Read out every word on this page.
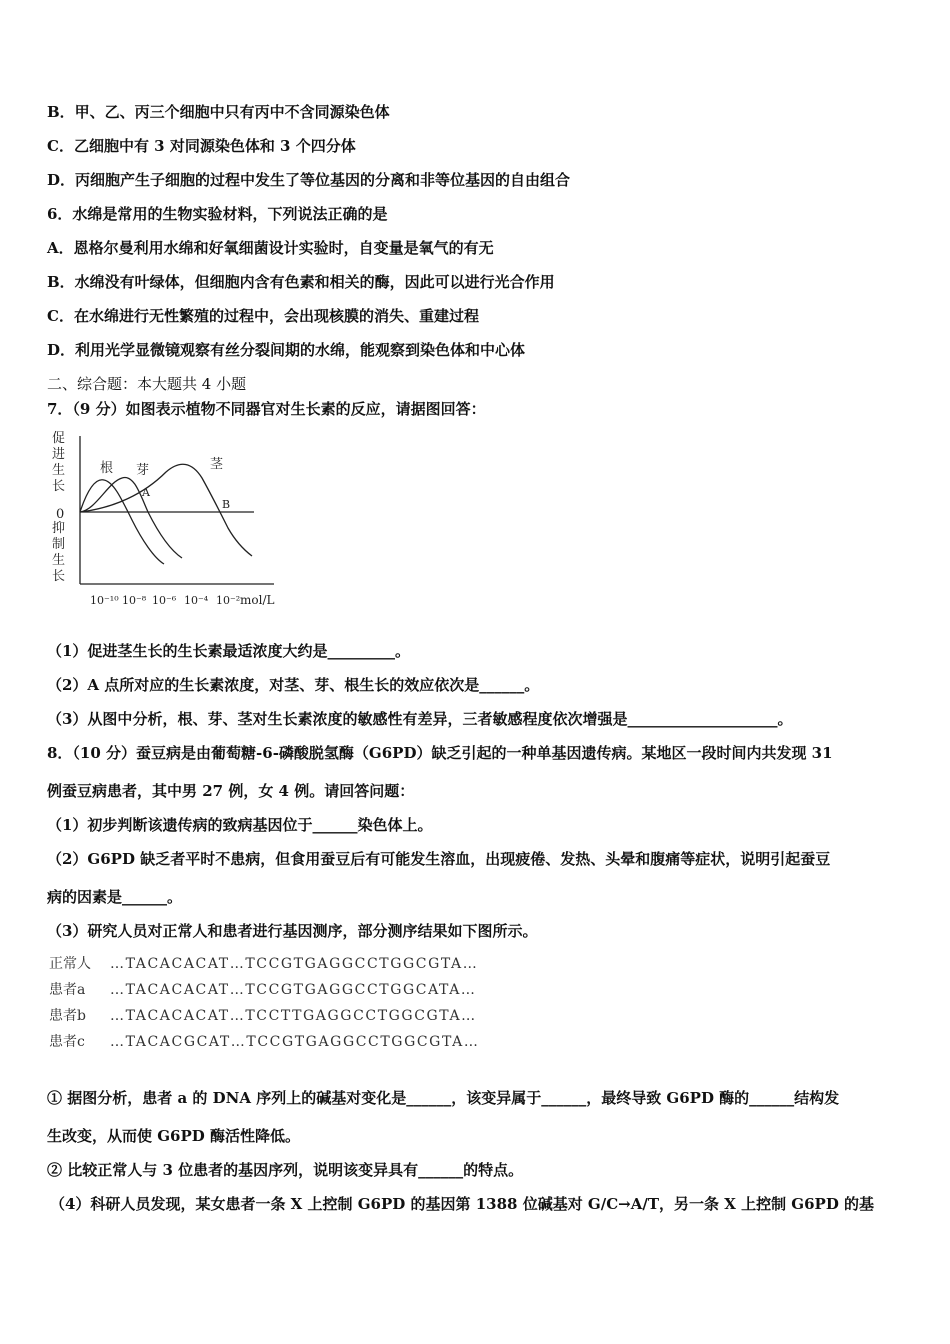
B．甲、乙、丙三个细胞中只有丙中不含同源染色体
C．乙细胞中有 3 对同源染色体和 3 个四分体
D．丙细胞产生子细胞的过程中发生了等位基因的分离和非等位基因的自由组合
6．水绵是常用的生物实验材料，下列说法正确的是
A．恩格尔曼利用水绵和好氧细菌设计实验时，自变量是氧气的有无
B．水绵没有叶绿体，但细胞内含有色素和相关的酶，因此可以进行光合作用
C．在水绵进行无性繁殖的过程中，会出现核膜的消失、重建过程
D．利用光学显微镜观察有丝分裂间期的水绵，能观察到染色体和中心体
二、综合题：本大题共 4 小题
7．（9 分）如图表示植物不同器官对生长素的反应，请据图回答：
促进生长
0
抑制生长
根 芽	茎
A
B
10⁻¹⁰ 10⁻⁸ 10⁻⁶ 10⁻⁴ 10⁻² mol/L
（1）促进茎生长的生长素最适浓度大约是_________。
（2）A 点所对应的生长素浓度，对茎、芽、根生长的效应依次是______。
（3）从图中分析，根、芽、茎对生长素浓度的敏感性有差异，三者敏感程度依次增强是____________________。
8．（10 分）蚕豆病是由葡萄糖-6-磷酸脱氢酶（G6PD）缺乏引起的一种单基因遗传病。某地区一段时间内共发现 31
例蚕豆病患者，其中男 27 例，女 4 例。请回答问题：
（1）初步判断该遗传病的致病基因位于______染色体上。
（2）G6PD 缺乏者平时不患病，但食用蚕豆后有可能发生溶血，出现疲倦、发热、头晕和腹痛等症状，说明引起蚕豆
病的因素是______。
（3）研究人员对正常人和患者进行基因测序，部分测序结果如下图所示。
正常人 …TACACACAT…TCCGTGAGGCCTGGCGTA…
患者a …TACACACAT…TCCGTGAGGCCTGGCATA…
患者b …TACACACAT…TCCTTGAGGCCTGGCGTA…
患者c …TACACGCAT…TCCGTGAGGCCTGGCGTA…
① 据图分析，患者 a 的 DNA 序列上的碱基对变化是______，该变异属于______，最终导致 G6PD 酶的______结构发
生改变，从而使 G6PD 酶活性降低。
② 比较正常人与 3 位患者的基因序列，说明该变异具有______的特点。
（4）科研人员发现，某女患者一条 X 上控制 G6PD 的基因第 1388 位碱基对 G/C→A/T，另一条 X 上控制 G6PD 的基
